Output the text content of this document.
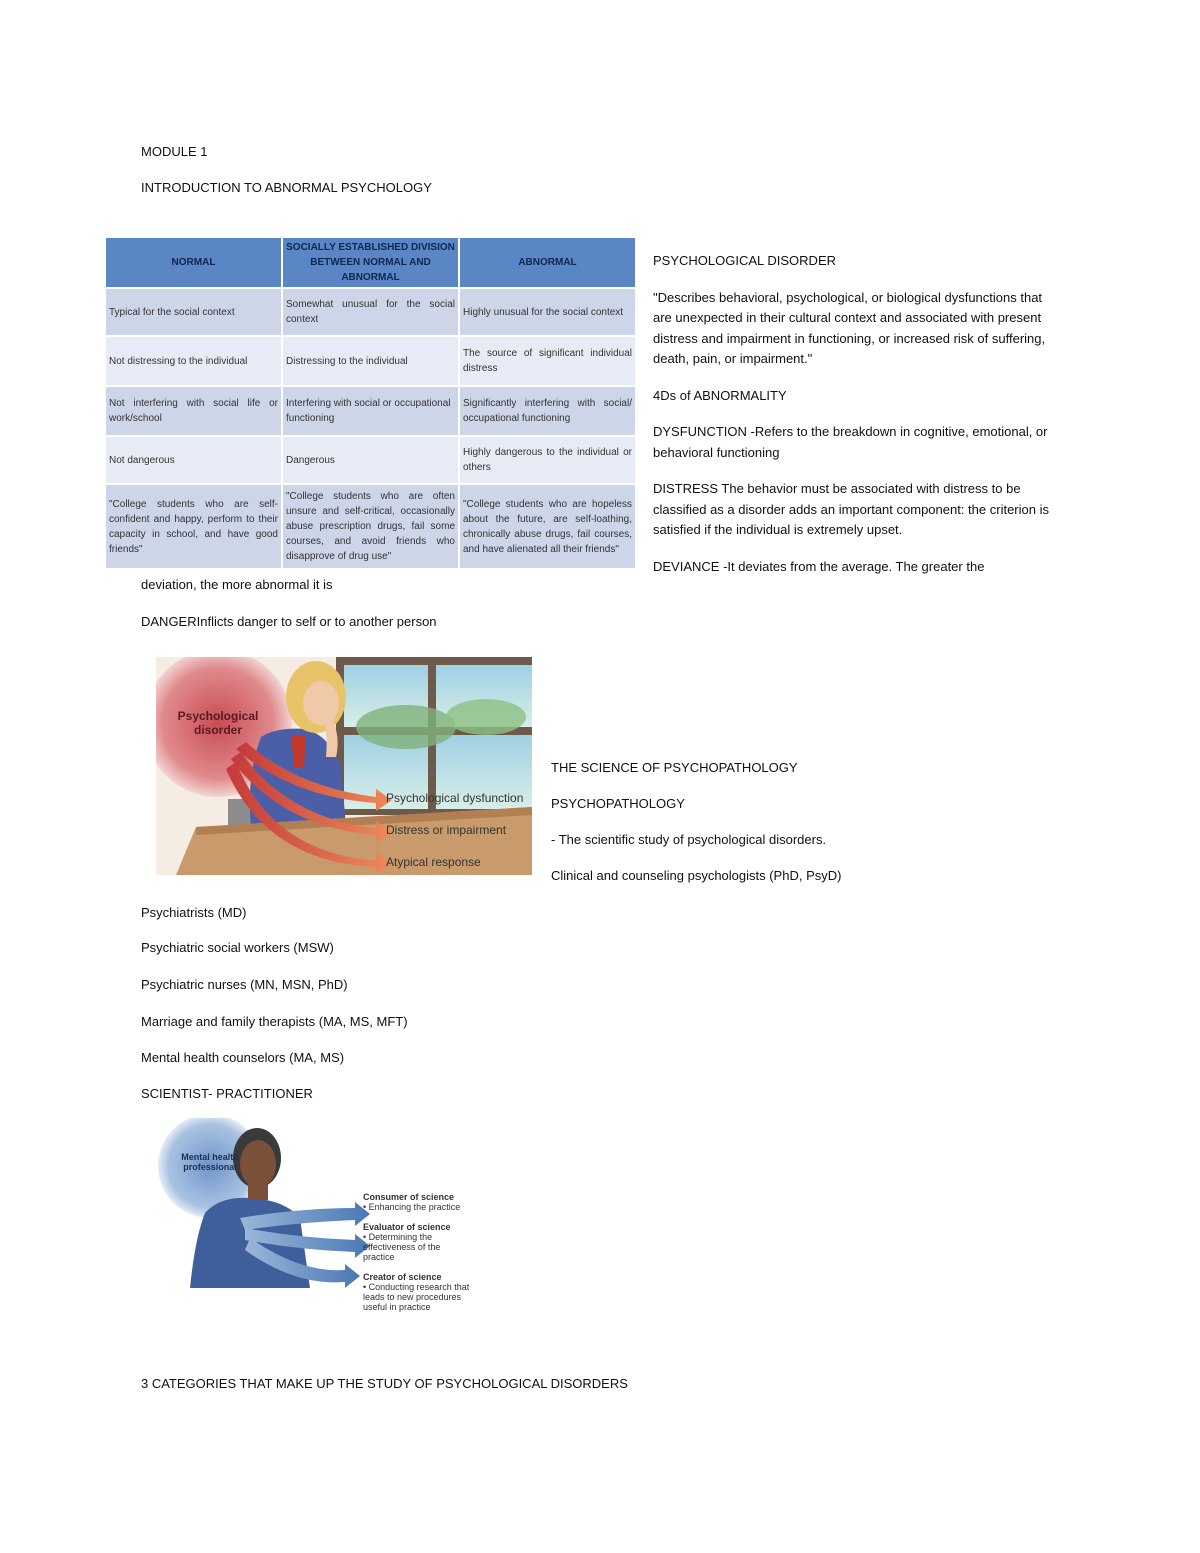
MODULE 1
INTRODUCTION TO ABNORMAL PSYCHOLOGY
NORMAL	SOCIALLY ESTABLISHED DIVISION BETWEEN NORMAL AND ABNORMAL	ABNORMAL
Typical for the social context	Somewhat unusual for the social context	Highly unusual for the social context
Not distressing to the individual	Distressing to the individual	The source of significant individual distress
Not interfering with social life or work/school	Interfering with social or occupational functioning	Significantly interfering with social/ occupational functioning
Not dangerous	Dangerous	Highly dangerous to the individual or others
"College students who are self-confident and happy, perform to their capacity in school, and have good friends"	"College students who are often unsure and self-critical, occasionally abuse prescription drugs, fail some courses, and avoid friends who disapprove of drug use"	"College students who are hopeless about the future, are self-loathing, chronically abuse drugs, fail courses, and have alienated all their friends"

PSYCHOLOGICAL DISORDER

"Describes behavioral, psychological, or biological dysfunctions that are unexpected in their cultural context and associated with present distress and impairment in functioning, or increased risk of suffering, death, pain, or impairment."

4Ds of ABNORMALITY

DYSFUNCTION -Refers to the breakdown in cognitive, emotional, or behavioral functioning

DISTRESS The behavior must be associated with distress to be classified as a disorder adds an important component: the criterion is satisfied if the individual is extremely upset.

DEVIANCE -It deviates from the average. The greater the

deviation, the more abnormal it is
DANGERInflicts danger to self or to another person
Psychological disorder
Psychological dysfunction
Distress or impairment
Atypical response
THE SCIENCE OF PSYCHOPATHOLOGY
PSYCHOPATHOLOGY
- The scientific study of psychological disorders.
Clinical and counseling psychologists (PhD, PsyD)
Psychiatrists (MD)
Psychiatric social workers (MSW)
Psychiatric nurses (MN, MSN, PhD)
Marriage and family therapists (MA, MS, MFT)
Mental health counselors (MA, MS)
SCIENTIST- PRACTITIONER
Mental health professional
Consumer of science
• Enhancing the practice
Evaluator of science
• Determining the effectiveness of the practice
Creator of science
• Conducting research that leads to new procedures useful in practice
3 CATEGORIES THAT MAKE UP THE STUDY OF PSYCHOLOGICAL DISORDERS
